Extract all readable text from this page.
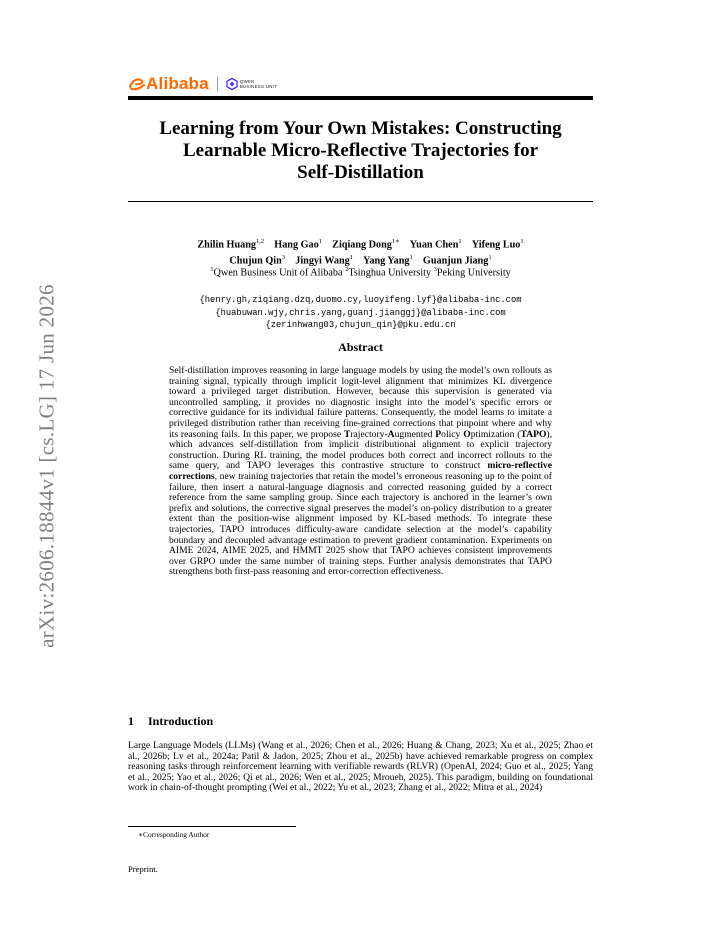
Alibaba	QWEN
BUSINESS UNIT
Learning from Your Own Mistakes: Constructing
Learnable Micro-Reflective Trajectories for
Self-Distillation
Zhilin Huang$^{1,2}$ Hang Gao$^1$ Ziqiang Dong$^{1∗}$ Yuan Chen$^1$ Yifeng Luo$^1$
Chujun Qin$^3$ Jingyi Wang$^1$ Yang Yang$^1$ Guanjun Jiang$^1$
$^1$Qwen Business Unit of Alibaba $^2$Tsinghua University $^3$Peking University
{henry.gh,ziqiang.dzq,duomo.cy,luoyifeng.lyf}@alibaba-inc.com
{huabuwan.wjy,chris.yang,guanj.jianggj}@alibaba-inc.com
{zerinhwang03,chujun_qin}@pku.edu.cn
Abstract
Self-distillation improves reasoning in large language models by using the model’s own rollouts as training signal, typically through implicit logit-level alignment that minimizes KL divergence toward a privileged target distribution. However, because this supervision is generated via uncontrolled sampling, it provides no diagnostic insight into the model’s specific errors or corrective guidance for its individual failure patterns. Consequently, the model learns to imitate a privileged distribution rather than receiving fine-grained corrections that pinpoint where and why its reasoning fails. In this paper, we propose Trajectory-Augmented Policy Optimization (TAPO), which advances self-distillation from implicit distributional alignment to explicit trajectory construction. During RL training, the model produces both correct and incorrect rollouts to the same query, and TAPO leverages this contrastive structure to construct micro-reflective corrections, new training trajectories that retain the model’s erroneous reasoning up to the point of failure, then insert a natural-language diagnosis and corrected reasoning guided by a correct reference from the same sampling group. Since each trajectory is anchored in the learner’s own prefix and solutions, the corrective signal preserves the model’s on-policy distribution to a greater extent than the position-wise alignment imposed by KL-based methods. To integrate these trajectories, TAPO introduces difficulty-aware candidate selection at the model’s capability boundary and decoupled advantage estimation to prevent gradient contamination. Experiments on AIME 2024, AIME 2025, and HMMT 2025 show that TAPO achieves consistent improvements over GRPO under the same number of training steps. Further analysis demonstrates that TAPO strengthens both first-pass reasoning and error-correction effectiveness.
1 Introduction
Large Language Models (LLMs) (Wang et al., 2026; Chen et al., 2026; Huang & Chang, 2023; Xu et al., 2025; Zhao et al., 2026b; Lv et al., 2024a; Patil & Jadon, 2025; Zhou et al., 2025b) have achieved remarkable progress on complex reasoning tasks through reinforcement learning with verifiable rewards (RLVR) (OpenAI, 2024; Guo et al., 2025; Yang et al., 2025; Yao et al., 2026; Qi et al., 2026; Wen et al., 2025; Mroueh, 2025). This paradigm, building on foundational work in chain-of-thought prompting (Wei et al., 2022; Yu et al., 2023; Zhang et al., 2022; Mitra et al., 2024)
∗Corresponding Author
Preprint.
arXiv:2606.18844v1 [cs.LG] 17 Jun 2026
